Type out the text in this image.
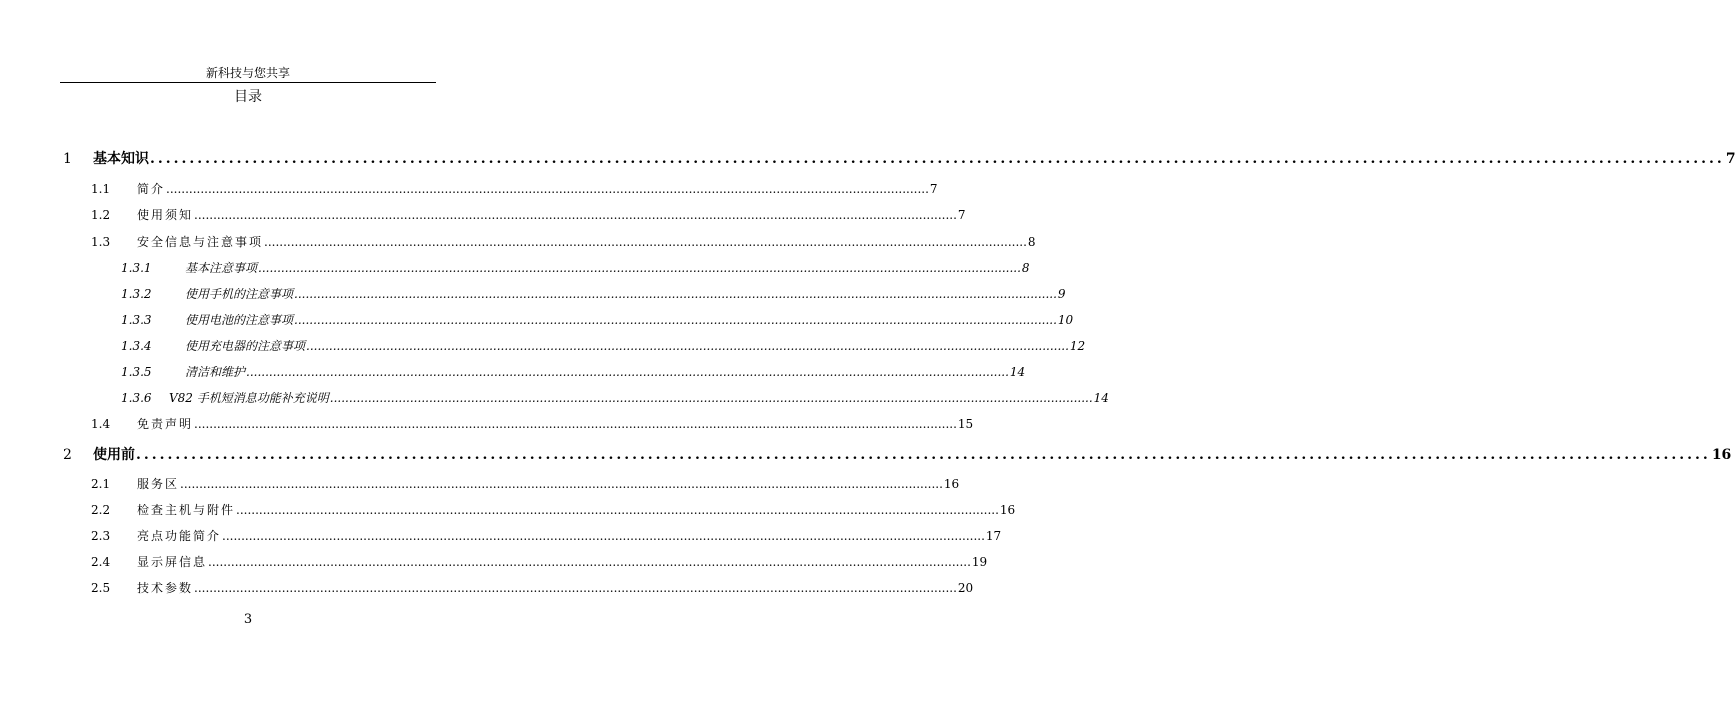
新科技与您共享
目录
1	基本知识 ........................................................................................................................................................................................................ 7
1.1	简介 ........................................................................................................................................................................................................ 7
1.2	使用须知 ........................................................................................................................................................................................................ 7
1.3	安全信息与注意事项 ........................................................................................................................................................................................................ 8
1.3.1	基本注意事项 ........................................................................................................................................................................................................ 8
1.3.2	使用手机的注意事项 ........................................................................................................................................................................................................ 9
1.3.3	使用电池的注意事项 ........................................................................................................................................................................................................ 10
1.3.4	使用充电器的注意事项 ........................................................................................................................................................................................................ 12
1.3.5	清洁和维护 ........................................................................................................................................................................................................ 14
1.3.6	V82 手机短消息功能补充说明 ........................................................................................................................................................................................................ 14
1.4	免责声明 ........................................................................................................................................................................................................ 15
2	使用前 ........................................................................................................................................................................................................ 16
2.1	服务区 ........................................................................................................................................................................................................ 16
2.2	检查主机与附件 ........................................................................................................................................................................................................ 16
2.3	亮点功能简介 ........................................................................................................................................................................................................ 17
2.4	显示屏信息 ........................................................................................................................................................................................................ 19
2.5	技术参数 ........................................................................................................................................................................................................ 20
3
